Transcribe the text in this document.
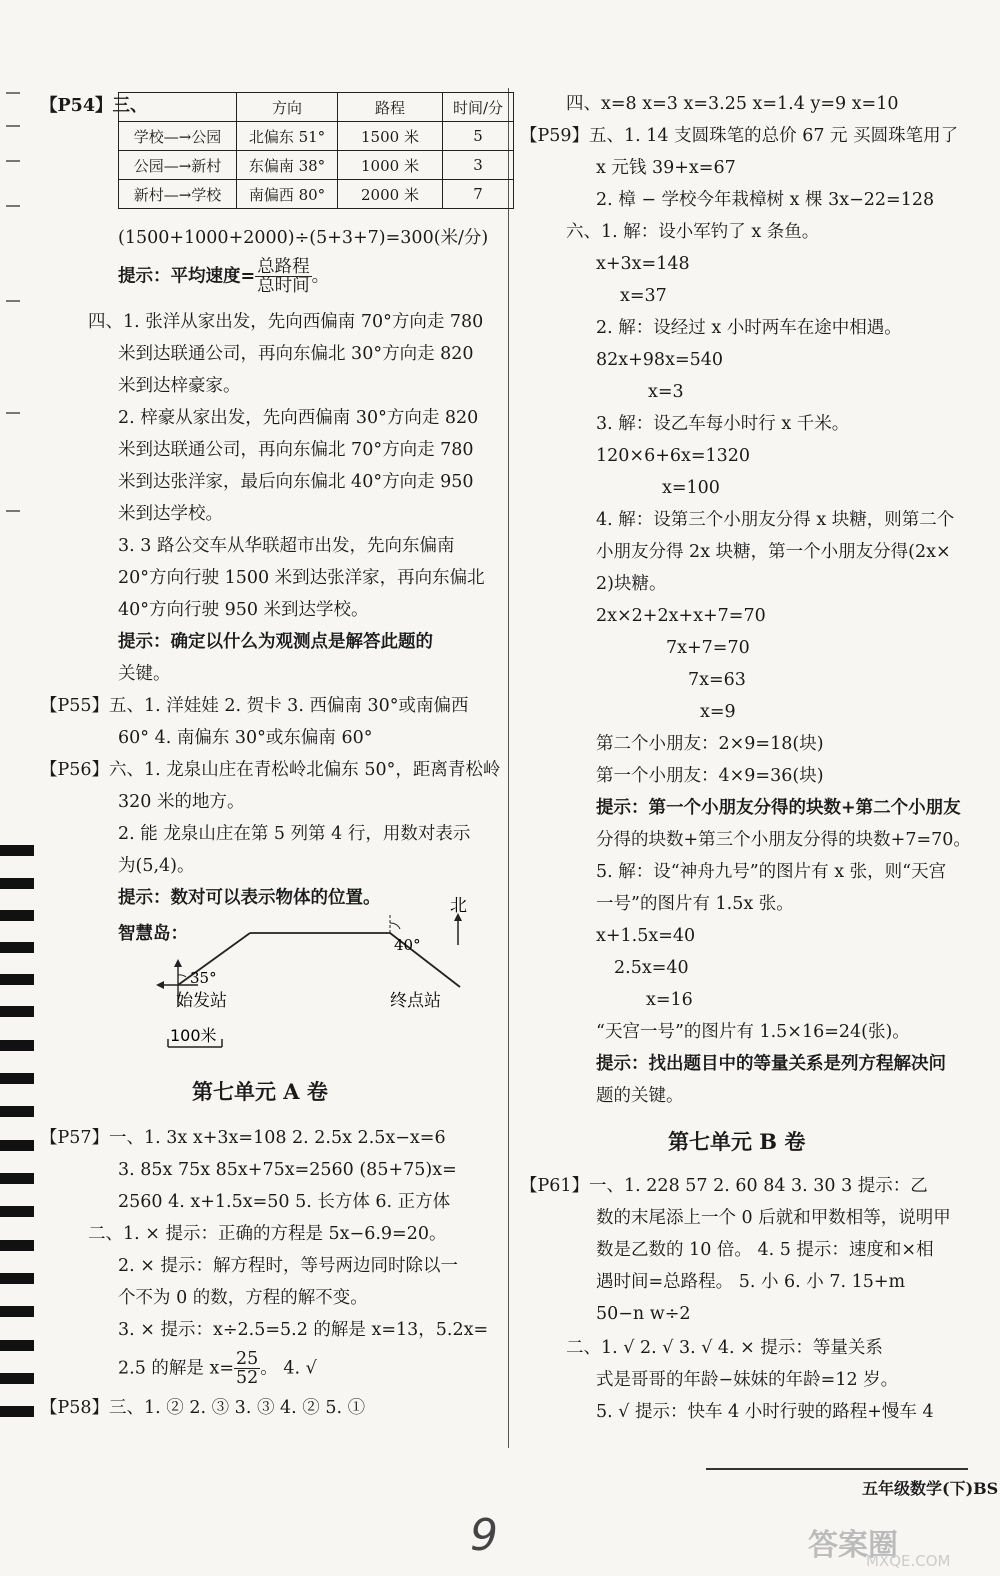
【P54】三、
		方向	路程	时间/分
学校—→公园	北偏东 51°	1500 米	5
公园—→新村	东偏南 38°	1000 米	3
新村—→学校	南偏西 80°	2000 米	7
(1500+1000+2000)÷(5+3+7)=300(米/分)
提示：平均速度= $\frac{\text{总路程}}{\text{总时间}}$ 。
四、1. 张洋从家出发，先向西偏南 70°方向走 780
米到达联通公司，再向东偏北 30°方向走 820
米到达梓豪家。
2. 梓豪从家出发，先向西偏南 30°方向走 820
米到达联通公司，再向东偏北 70°方向走 780
米到达张洋家，最后向东偏北 40°方向走 950
米到达学校。
3. 3 路公交车从华联超市出发，先向东偏南
20°方向行驶 1500 米到达张洋家，再向东偏北
40°方向行驶 950 米到达学校。
提示：确定以什么为观测点是解答此题的
关键。
【P55】五、1. 洋娃娃 2. 贺卡 3. 西偏南 30°或南偏西
60° 4. 南偏东 30°或东偏南 60°
【P56】六、1. 龙泉山庄在青松岭北偏东 50°，距离青松岭
320 米的地方。
2. 能 龙泉山庄在第 5 列第 4 行，用数对表示
为(5,4)。
提示：数对可以表示物体的位置。
智慧岛：
北
40°
35°
始发站	终点站
100米
第七单元 A 卷
【P57】一、1. 3x x+3x=108 2. 2.5x 2.5x−x=6
3. 85x 75x 85x+75x=2560 (85+75)x=
2560 4. x+1.5x=50 5. 长方体 6. 正方体
二、1. × 提示：正确的方程是 5x−6.9=20。
2. × 提示：解方程时，等号两边同时除以一
个不为 0 的数，方程的解不变。
3. × 提示：x÷2.5=5.2 的解是 x=13，5.2x=
2.5 的解是 $x= \frac{25}{52}$ 。 4. √
【P58】三、1. ② 2. ③ 3. ③ 4. ② 5. ①
四、x=8 x=3 x=3.25 x=1.4 y=9 x=10
【P59】五、1. 14 支圆珠笔的总价 67 元 买圆珠笔用了
x 元钱 39+x=67
2. 樟 − 学校今年栽樟树 x 棵 3x−22=128
六、1. 解：设小军钓了 x 条鱼。
x+3x=148
x=37
2. 解：设经过 x 小时两车在途中相遇。
82x+98x=540
x=3
3. 解：设乙车每小时行 x 千米。
120×6+6x=1320
x=100
4. 解：设第三个小朋友分得 x 块糖，则第二个
小朋友分得 2x 块糖，第一个小朋友分得(2x×
2)块糖。
2x×2+2x+x+7=70
7x+7=70
7x=63
x=9
第二个小朋友：2×9=18(块)
第一个小朋友：4×9=36(块)
提示：第一个小朋友分得的块数+第二个小朋友
分得的块数+第三个小朋友分得的块数+7=70。
5. 解：设“神舟九号”的图片有 x 张，则“天宫
一号”的图片有 1.5x 张。
x+1.5x=40
2.5x=40
x=16
“天宫一号”的图片有 1.5×16=24(张)。
提示：找出题目中的等量关系是列方程解决问
题的关键。
第七单元 B 卷
【P61】一、1. 228 57 2. 60 84 3. 30 3 提示：乙
数的末尾添上一个 0 后就和甲数相等，说明甲
数是乙数的 10 倍。 4. 5 提示：速度和×相
遇时间=总路程。 5. 小 6. 小 7. 15+m
50−n w÷2
二、1. √ 2. √ 3. √ 4. × 提示：等量关系
式是哥哥的年龄−妹妹的年龄=12 岁。
5. √ 提示：快车 4 小时行驶的路程+慢车 4
五年级数学(下)BS
9	答案圈
MXQE.COM
